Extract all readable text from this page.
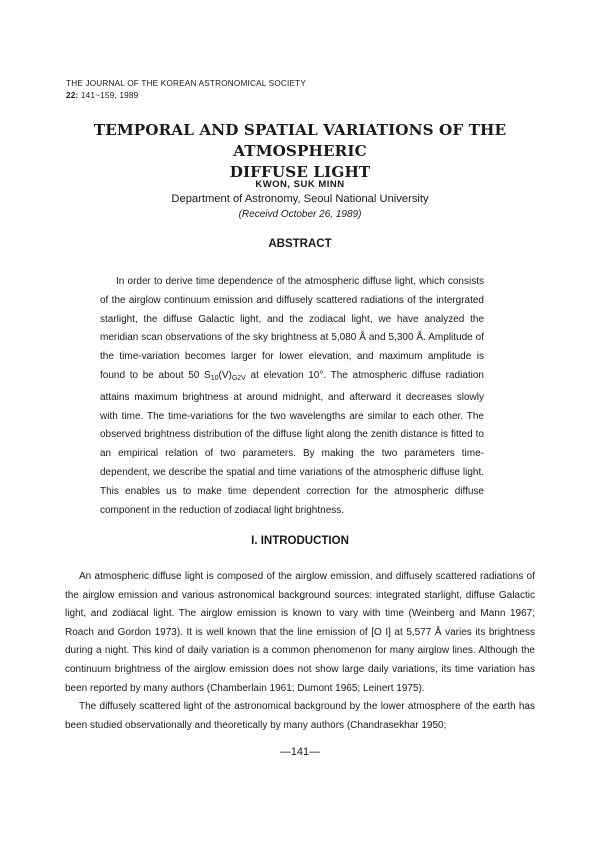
THE JOURNAL OF THE KOREAN ASTRONOMICAL SOCIETY
22: 141~159, 1989
TEMPORAL AND SPATIAL VARIATIONS OF THE ATMOSPHERIC
DIFFUSE LIGHT
KWON, SUK MINN
Department of Astronomy, Seoul National University
(Receivd October 26, 1989)
ABSTRACT
In order to derive time dependence of the atmospheric diffuse light, which consists of the airglow continuum emission and diffusely scattered radiations of the intergrated starlight, the diffuse Galactic light, and the zodiacal light, we have analyzed the meridian scan observations of the sky brightness at 5,080 Å and 5,300 Å. Amplitude of the time-variation becomes larger for lower elevation, and maximum amplitude is found to be about 50 $S_{10}(V)_{G2V}$ at elevation 10°. The atmospheric diffuse radiation attains maximum brightness at around midnight, and afterward it decreases slowly with time. The time-variations for the two wavelengths are similar to each other. The observed brightness distribution of the diffuse light along the zenith distance is fitted to an empirical relation of two parameters. By making the two parameters time-dependent, we describe the spatial and time variations of the atmospheric diffuse light. This enables us to make time dependent correction for the atmospheric diffuse component in the reduction of zodiacal light brightness.
I. INTRODUCTION

An atmospheric diffuse light is composed of the airglow emission, and diffusely scattered radiations of the airglow emission and various astronomical background sources: integrated starlight, diffuse Galactic light, and zodiacal light. The airglow emission is known to vary with time (Weinberg and Mann 1967; Roach and Gordon 1973). It is well known that the line emission of [O I] at 5,577 Å varies its brightness during a night. This kind of daily variation is a common phenomenon for many airglow lines. Although the continuum brightness of the airglow emission does not show large daily variations, its time variation has been reported by many authors (Chamberlain 1961; Dumont 1965; Leinert 1975).

The diffusely scattered light of the astronomical background by the lower atmosphere of the earth has been studied observationally and theoretically by many authors (Chandrasekhar 1950;

—141—
